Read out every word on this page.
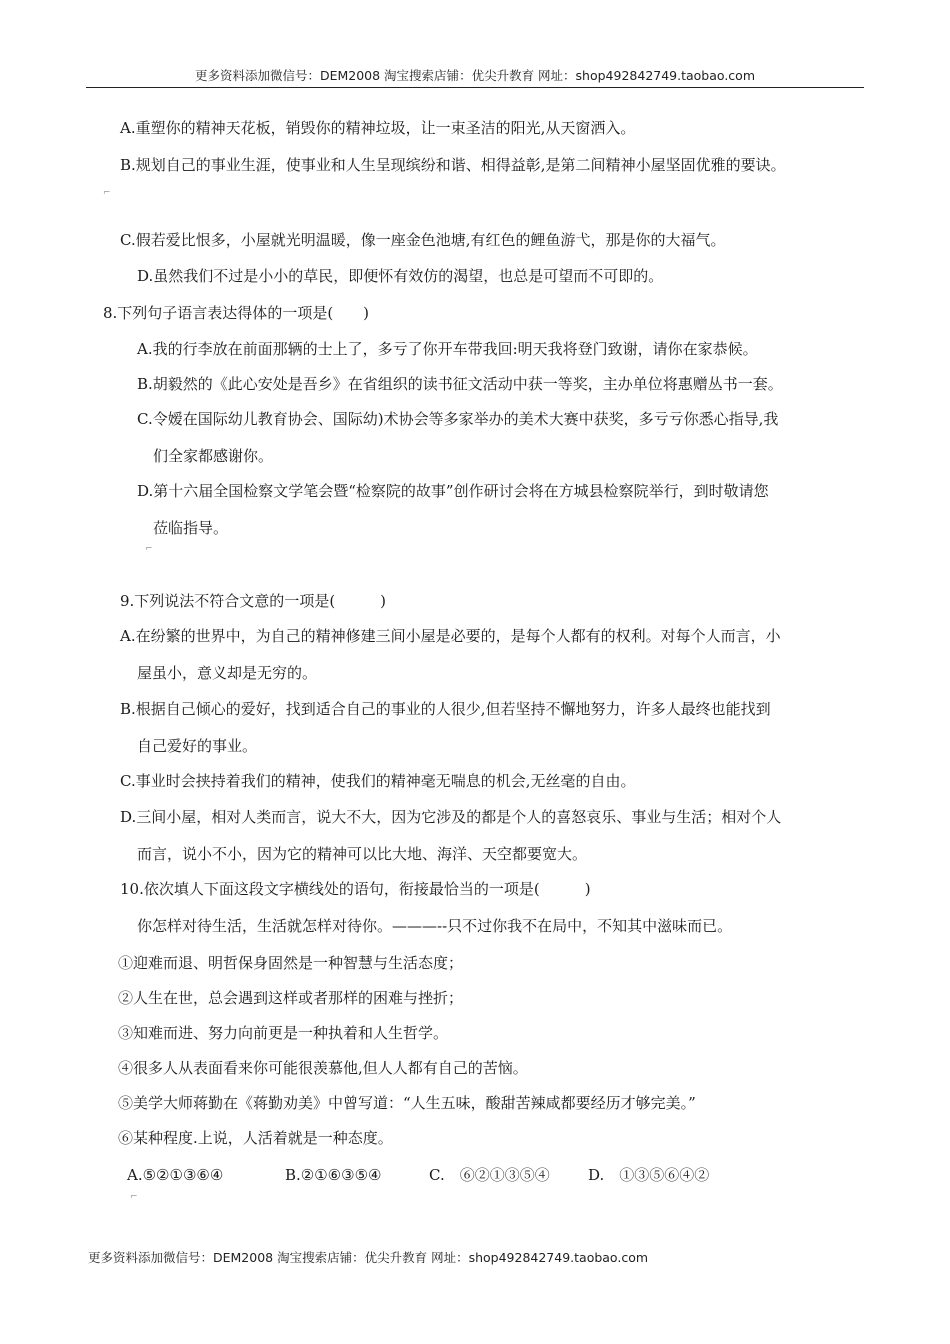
更多资料添加微信号：DEM2008 淘宝搜索店铺：优尖升教育 网址：shop492842749.taobao.com
A.重塑你的精神天花板，销毁你的精神垃圾，让一束圣洁的阳光,从天窗洒入。
B.规划自己的事业生涯，使事业和人生呈现缤纷和谐、相得益彰,是第二间精神小屋坚固优雅的要诀。
⌐
C.假若爱比恨多，小屋就光明温暖，像一座金色池塘,有红色的鲤鱼游弋，那是你的大福气。
D.虽然我们不过是小小的草民，即便怀有效仿的渴望，也总是可望而不可即的。
8.下列句子语言表达得体的一项是(　　)
A.我的行李放在前面那辆的士上了，多亏了你开车带我回:明天我将登门致谢，请你在家恭候。
B.胡毅然的《此心安处是吾乡》在省组织的读书征文活动中获一等奖，主办单位将惠赠丛书一套。
C.令嫒在国际幼儿教育协会、国际幼)术协会等多家举办的美术大赛中获奖，多亏亏你悉心指导,我
们全家都感谢你。
D.第十六届全国检察文学笔会暨“检察院的故事”创作研讨会将在方城县检察院举行，到时敬请您
莅临指导。
⌐
9.下列说法不符合文意的一项是(　　　)
A.在纷繁的世界中，为自己的精神修建三间小屋是必要的，是每个人都有的权利。对每个人而言，小
屋虽小，意义却是无穷的。
B.根据自己倾心的爱好，找到适合自己的事业的人很少,但若坚持不懈地努力，许多人最终也能找到
自己爱好的事业。
C.事业时会挟持着我们的精神，使我们的精神毫无喘息的机会,无丝毫的自由。
D.三间小屋，相对人类而言，说大不大，因为它涉及的都是个人的喜怒哀乐、事业与生活；相对个人
而言，说小不小，因为它的精神可以比大地、海洋、天空都要宽大。
10.依次填人下面这段文字横线处的语句，衔接最恰当的一项是(　　　)
你怎样对待生活，生活就怎样对待你。———--只不过你我不在局中，不知其中滋味而已。
①迎难而退、明哲保身固然是一种智慧与生活态度；
②人生在世，总会遇到这样或者那样的困难与挫折；
③知难而进、努力向前更是一种执着和人生哲学。
④很多人从表面看来你可能很羡慕他,但人人都有自己的苦恼。
⑤美学大师蒋勤在《蒋勤劝美》中曾写道：“人生五味，酸甜苦辣咸都要经历才够完美。”
⑥某种程度.上说，人活着就是一种态度。
A.⑤②①③⑥④	B.②①⑥③⑤④	C.　⑥②①③⑤④	D.　①③⑤⑥④②
⌐
更多资料添加微信号：DEM2008 淘宝搜索店铺：优尖升教育 网址：shop492842749.taobao.com
